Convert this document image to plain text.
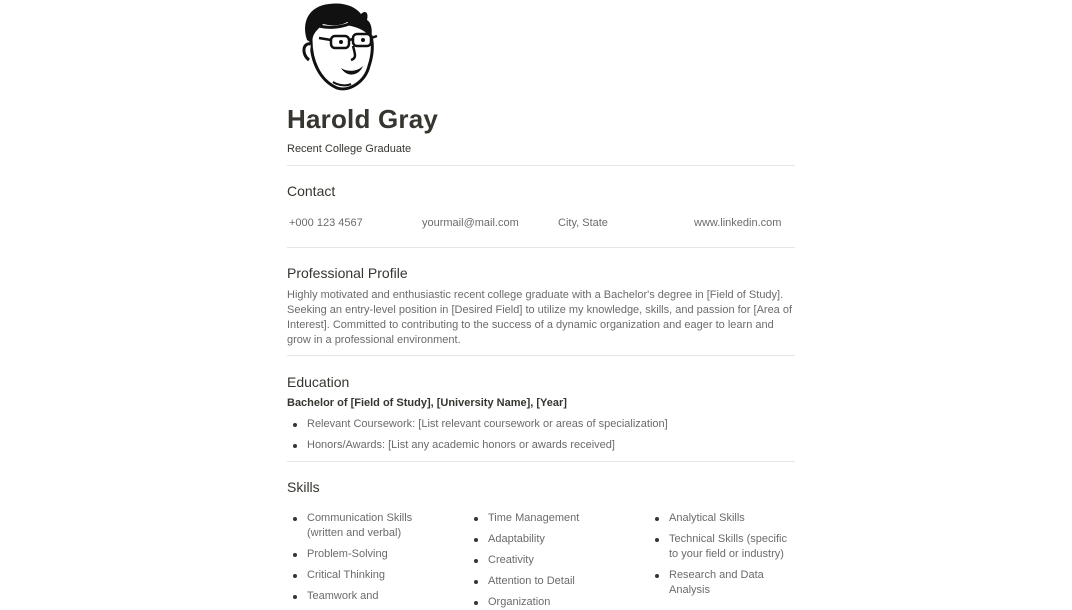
Harold Gray
Recent College Graduate
Contact
+000 123 4567	yourmail@mail.com	City, State	www.linkedin.com
Professional Profile
Highly motivated and enthusiastic recent college graduate with a Bachelor's degree in [Field of Study]. Seeking an entry-level position in [Desired Field] to utilize my knowledge, skills, and passion for [Area of Interest]. Committed to contributing to the success of a dynamic organization and eager to learn and grow in a professional environment.
Education
Bachelor of [Field of Study], [University Name], [Year]
Relevant Coursework: [List relevant coursework or areas of specialization]
Honors/Awards: [List any academic honors or awards received]
Skills
Communication Skills (written and verbal)
Problem-Solving
Critical Thinking
Teamwork and
Time Management
Adaptability
Creativity
Attention to Detail
Organization
Analytical Skills
Technical Skills (specific to your field or industry)
Research and Data Analysis
